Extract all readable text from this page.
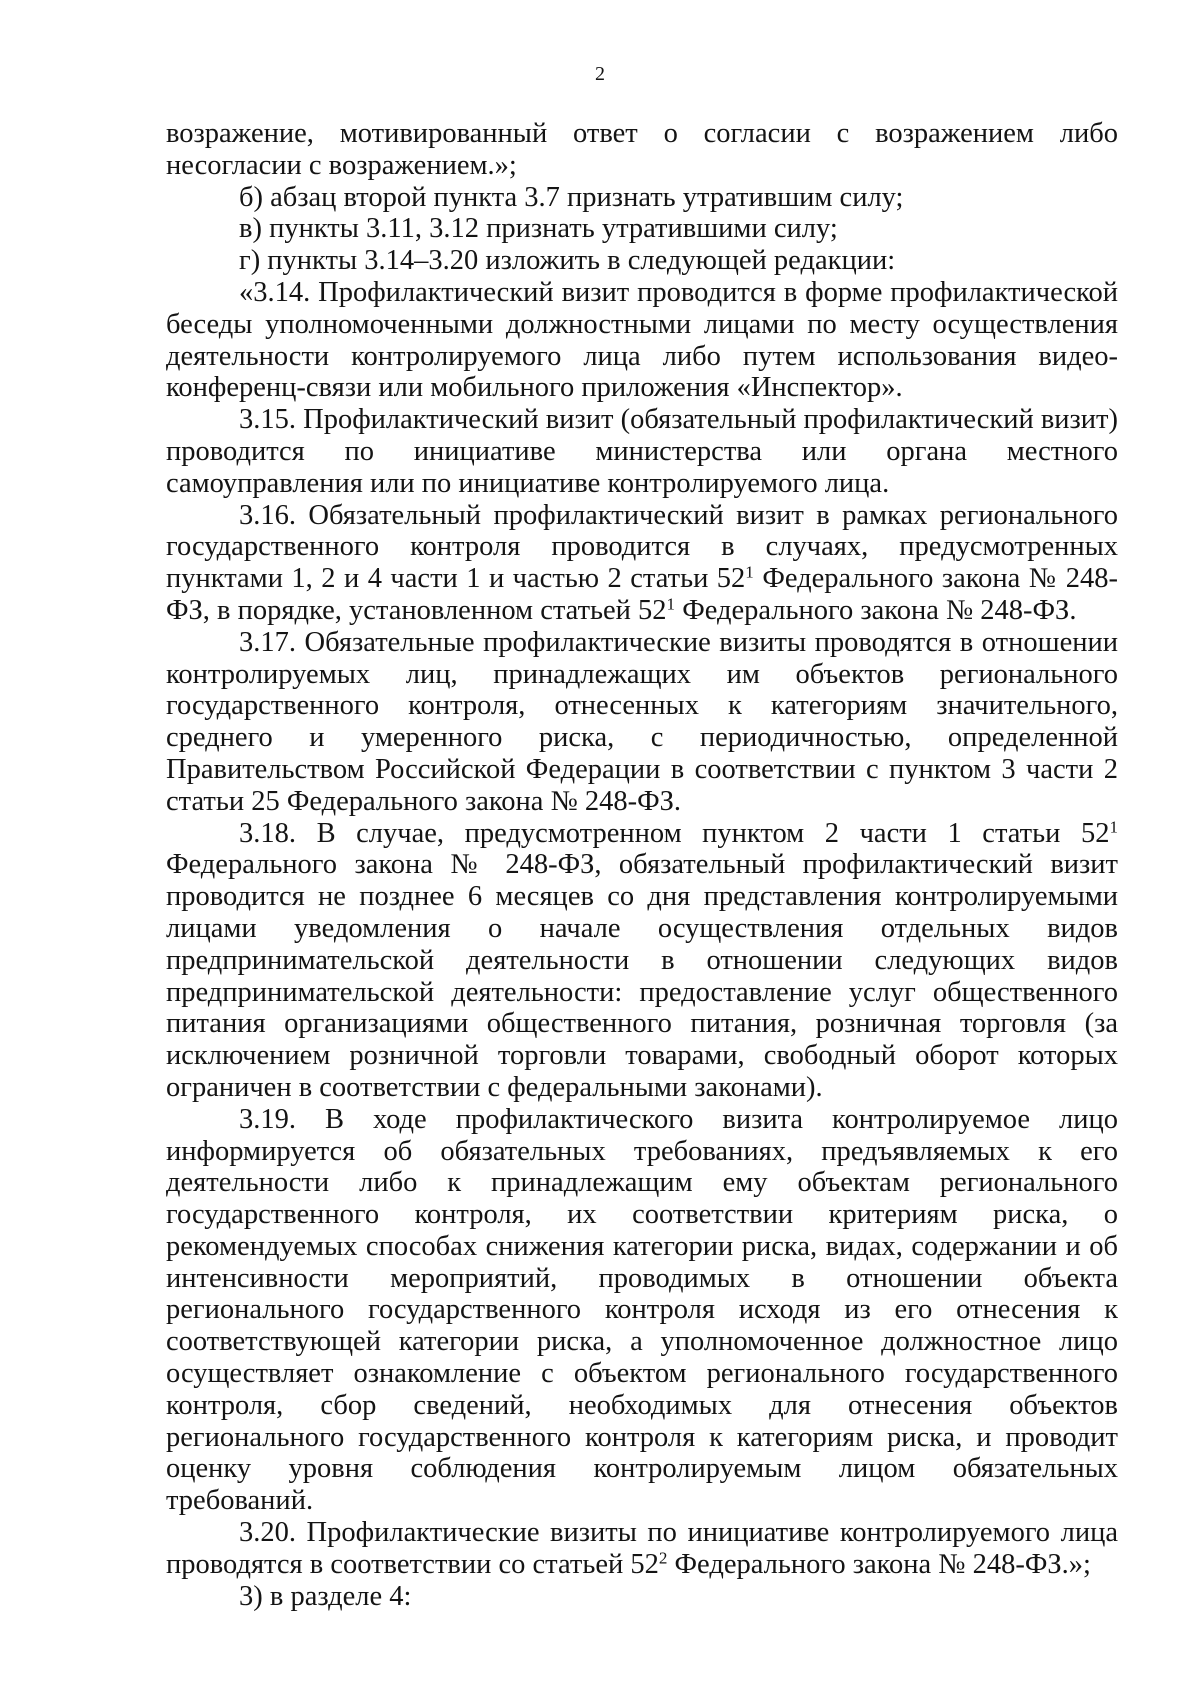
2

возражение, мотивированный ответ о согласии с возражением либо несогласии с возражением.»;

б) абзац второй пункта 3.7 признать утратившим силу;

в) пункты 3.11, 3.12 признать утратившими силу;

г) пункты 3.14–3.20 изложить в следующей редакции:

«3.14. Профилактический визит проводится в форме профилактической беседы уполномоченными должностными лицами по месту осуществления деятельности контролируемого лица либо путем использования видео-конференц-связи или мобильного приложения «Инспектор».

3.15. Профилактический визит (обязательный профилактический визит) проводится по инициативе министерства или органа местного самоуправления или по инициативе контролируемого лица.

3.16. Обязательный профилактический визит в рамках регионального государственного контроля проводится в случаях, предусмотренных пунктами 1, 2 и 4 части 1 и частью 2 статьи $52^1$ Федерального закона № 248-ФЗ, в порядке, установленном статьей $52^1$ Федерального закона № 248-ФЗ.

3.17. Обязательные профилактические визиты проводятся в отношении контролируемых лиц, принадлежащих им объектов регионального государственного контроля, отнесенных к категориям значительного, среднего и умеренного риска, с периодичностью, определенной Правительством Российской Федерации в соответствии с пунктом 3 части 2 статьи 25 Федерального закона № 248-ФЗ.

3.18. В случае, предусмотренном пунктом 2 части 1 статьи $52^1$ Федерального закона № 248-ФЗ, обязательный профилактический визит проводится не позднее 6 месяцев со дня представления контролируемыми лицами уведомления о начале осуществления отдельных видов предпринимательской деятельности в отношении следующих видов предпринимательской деятельности: предоставление услуг общественного питания организациями общественного питания, розничная торговля (за исключением розничной торговли товарами, свободный оборот которых ограничен в соответствии с федеральными законами).

3.19. В ходе профилактического визита контролируемое лицо информируется об обязательных требованиях, предъявляемых к его деятельности либо к принадлежащим ему объектам регионального государственного контроля, их соответствии критериям риска, о рекомендуемых способах снижения категории риска, видах, содержании и об интенсивности мероприятий, проводимых в отношении объекта регионального государственного контроля исходя из его отнесения к соответствующей категории риска, а уполномоченное должностное лицо осуществляет ознакомление с объектом регионального государственного контроля, сбор сведений, необходимых для отнесения объектов регионального государственного контроля к категориям риска, и проводит оценку уровня соблюдения контролируемым лицом обязательных требований.

3.20. Профилактические визиты по инициативе контролируемого лица проводятся в соответствии со статьей $52^2$ Федерального закона № 248-ФЗ.»;

3) в разделе 4:
